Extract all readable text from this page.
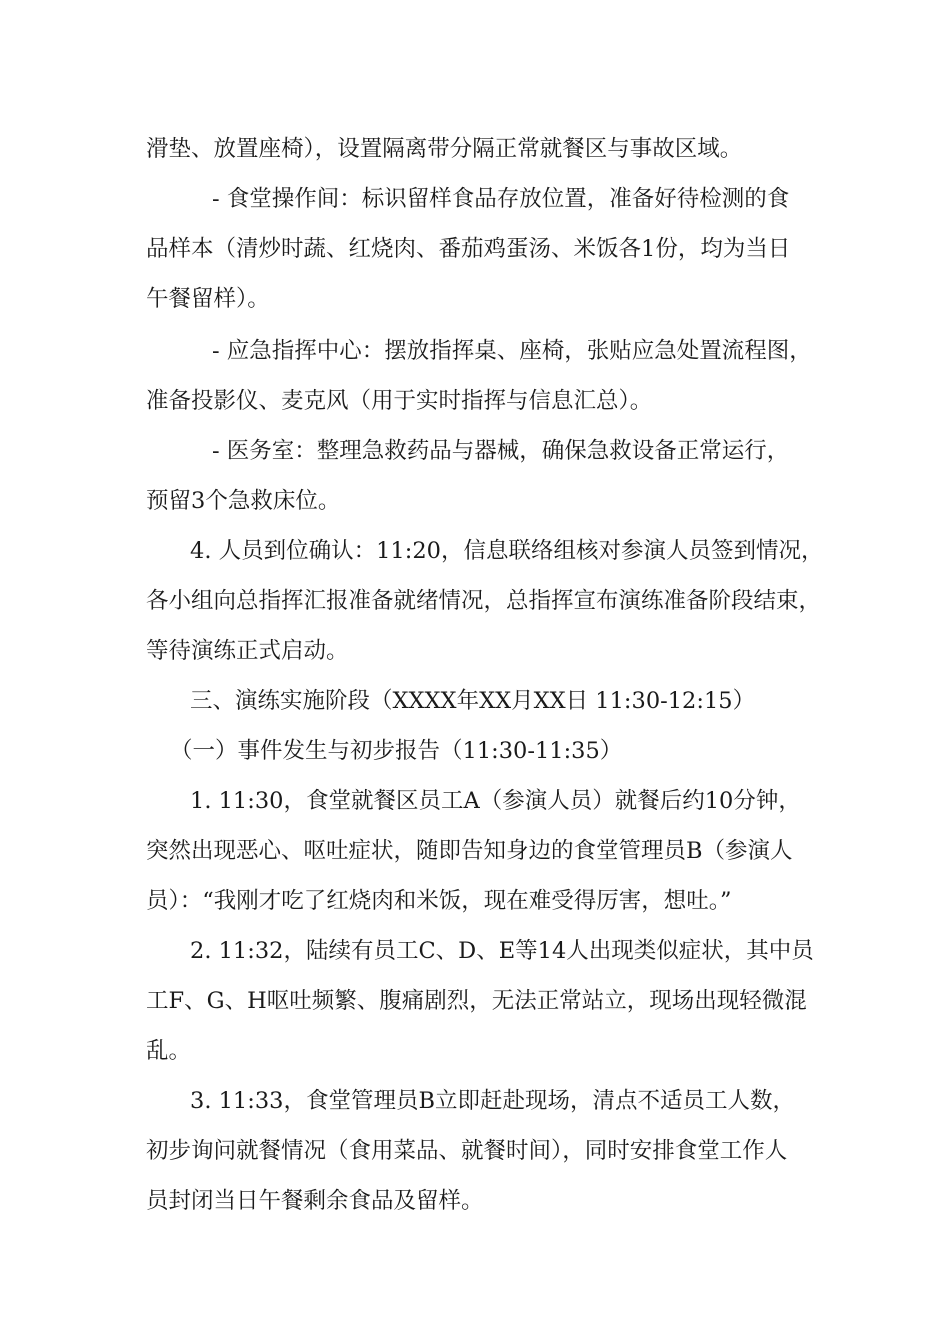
滑垫、放置座椅），设置隔离带分隔正常就餐区与事故区域。
- 食堂操作间：标识留样食品存放位置，准备好待检测的食
品样本（清炒时蔬、红烧肉、番茄鸡蛋汤、米饭各1份，均为当日
午餐留样）。
- 应急指挥中心：摆放指挥桌、座椅，张贴应急处置流程图，
准备投影仪、麦克风（用于实时指挥与信息汇总）。
- 医务室：整理急救药品与器械，确保急救设备正常运行，
预留3个急救床位。
4. 人员到位确认：11:20，信息联络组核对参演人员签到情况，
各小组向总指挥汇报准备就绪情况，总指挥宣布演练准备阶段结束，
等待演练正式启动。
三、演练实施阶段（XXXX年XX月XX日 11:30-12:15）
（一）事件发生与初步报告（11:30-11:35）
1. 11:30，食堂就餐区员工A（参演人员）就餐后约10分钟，
突然出现恶心、呕吐症状，随即告知身边的食堂管理员B（参演人
员）：“我刚才吃了红烧肉和米饭，现在难受得厉害，想吐。”
2. 11:32，陆续有员工C、D、E等14人出现类似症状，其中员
工F、G、H呕吐频繁、腹痛剧烈，无法正常站立，现场出现轻微混
乱。
3. 11:33，食堂管理员B立即赶赴现场，清点不适员工人数，
初步询问就餐情况（食用菜品、就餐时间），同时安排食堂工作人
员封闭当日午餐剩余食品及留样。
